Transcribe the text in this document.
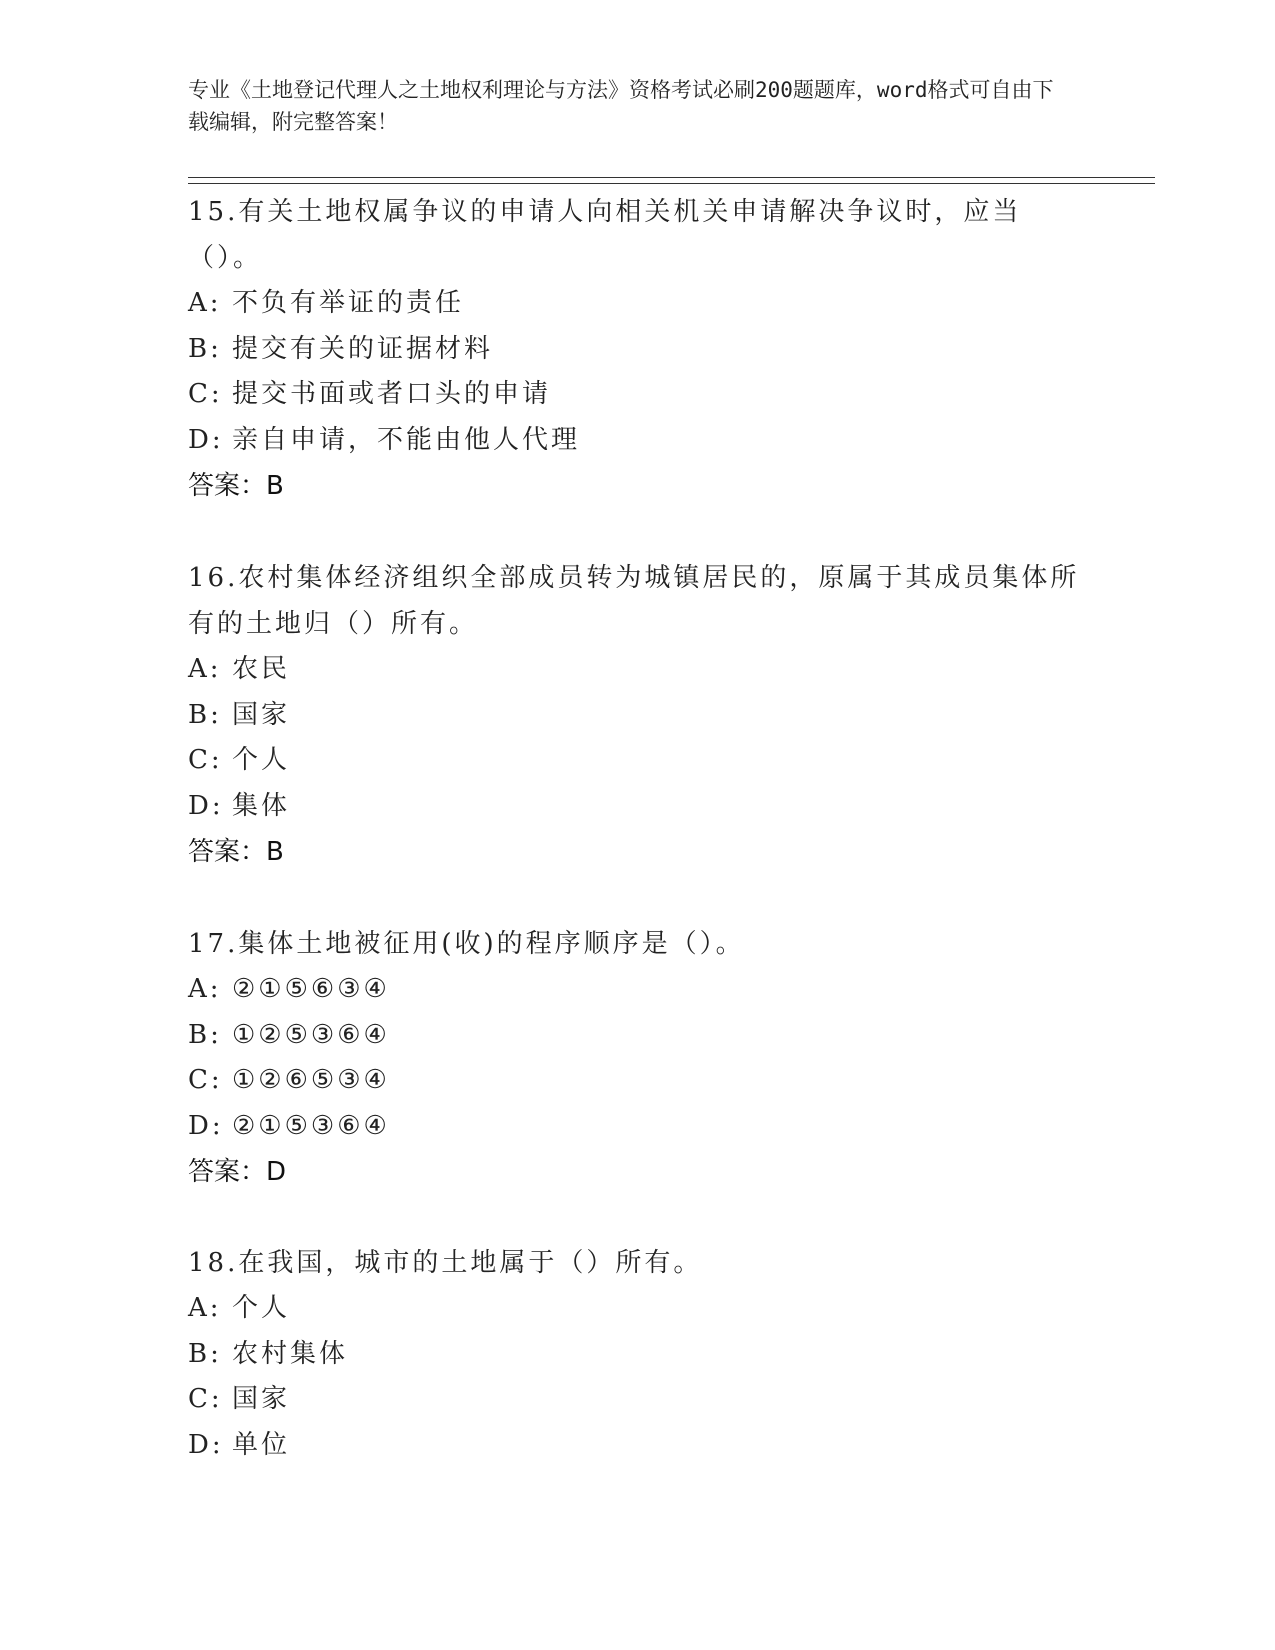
专业《土地登记代理人之土地权利理论与方法》资格考试必刷200题题库，word格式可自由下载编辑，附完整答案！

15.有关土地权属争议的申请人向相关机关申请解决争议时，应当（）。

A: 不负有举证的责任

B: 提交有关的证据材料

C: 提交书面或者口头的申请

D: 亲自申请，不能由他人代理

答案：B

16.农村集体经济组织全部成员转为城镇居民的，原属于其成员集体所有的土地归（）所有。

A: 农民

B: 国家

C: 个人

D: 集体

答案：B

17.集体土地被征用(收)的程序顺序是（）。

A: ②①⑤⑥③④

B: ①②⑤③⑥④

C: ①②⑥⑤③④

D: ②①⑤③⑥④

答案：D

18.在我国，城市的土地属于（）所有。

A: 个人

B: 农村集体

C: 国家

D: 单位
